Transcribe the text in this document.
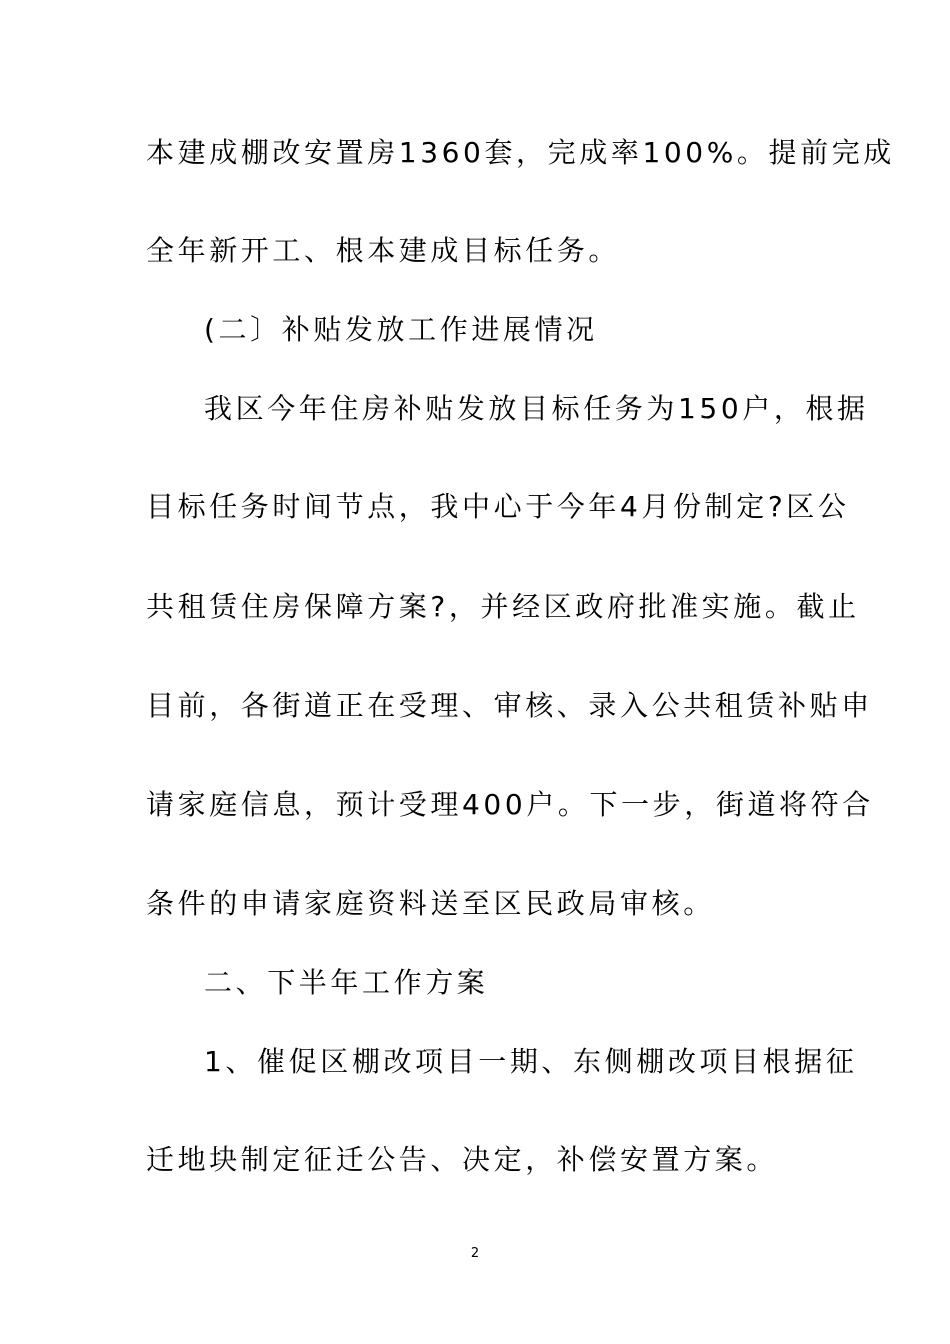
本建成棚改安置房1360套，完成率100%。提前完成
全年新开工、根本建成目标任务。
(二〕补贴发放工作进展情况
我区今年住房补贴发放目标任务为150户，根据
目标任务时间节点，我中心于今年4月份制定?区公
共租赁住房保障方案?，并经区政府批准实施。截止
目前，各街道正在受理、审核、录入公共租赁补贴申
请家庭信息，预计受理400户。下一步，街道将符合
条件的申请家庭资料送至区民政局审核。
二、下半年工作方案
1、催促区棚改项目一期、东侧棚改项目根据征
迁地块制定征迁公告、决定，补偿安置方案。
2
